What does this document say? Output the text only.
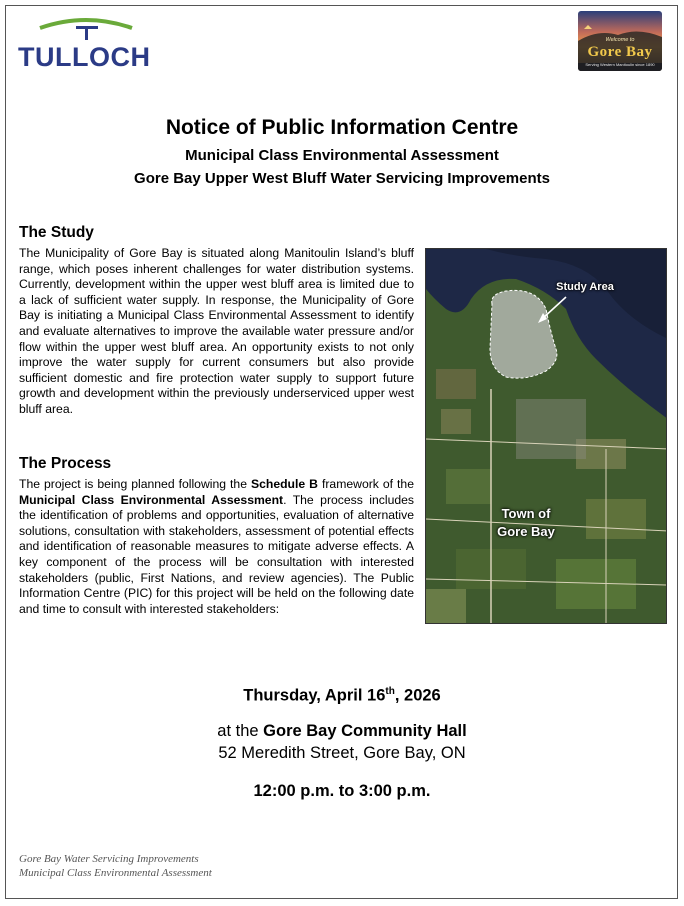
TULLOCH
Welcome to
Gore Bay
Serving Western Manitoulin since 1890
Notice of Public Information Centre
Municipal Class Environmental Assessment
Gore Bay Upper West Bluff Water Servicing Improvements
The Study
The Municipality of Gore Bay is situated along Manitoulin Island’s bluff range, which poses inherent challenges for water distribution systems. Currently, development within the upper west bluff area is limited due to a lack of sufficient water supply. In response, the Municipality of Gore Bay is initiating a Municipal Class Environmental Assessment to identify and evaluate alternatives to improve the available water pressure and/or flow within the upper west bluff area. An opportunity exists to not only improve the water supply for current consumers but also provide sufficient domestic and fire protection water supply to support future growth and development within the previously underserviced upper west bluff area.
The Process
The project is being planned following the Schedule B framework of the Municipal Class Environmental Assessment. The process includes the identification of problems and opportunities, evaluation of alternative solutions, consultation with stakeholders, assessment of potential effects and identification of reasonable measures to mitigate adverse effects. A key component of the process will be consultation with interested stakeholders (public, First Nations, and review agencies). The Public Information Centre (PIC) for this project will be held on the following date and time to consult with interested stakeholders:
Study Area
Town of Gore Bay
Thursday, April 16th, 2026
at the Gore Bay Community Hall
52 Meredith Street, Gore Bay, ON
12:00 p.m. to 3:00 p.m.
Gore Bay Water Servicing Improvements
Municipal Class Environmental Assessment
